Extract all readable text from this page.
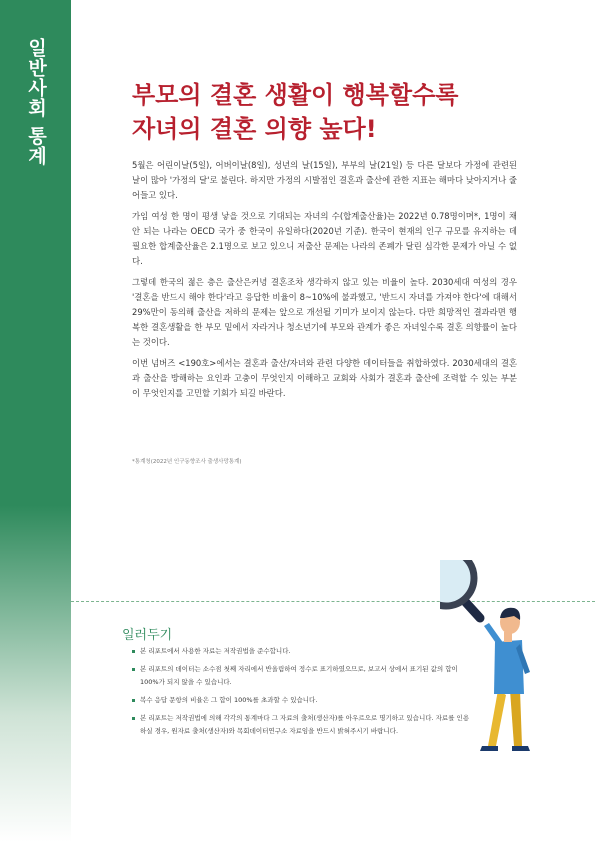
일반사회 통계	부모의 결혼 생활이 행복할수록
자녀의 결혼 의향 높다!

5월은 어린이날(5일), 어버이날(8일), 성년의 날(15일), 부부의 날(21일) 등 다른 달보다 가정에 관련된 날이 많아 '가정의 달'로 불린다. 하지만 가정의 시발점인 결혼과 출산에 관한 지표는 해마다 낮아지거나 줄어들고 있다.

가임 여성 한 명이 평생 낳을 것으로 기대되는 자녀의 수(합계출산율)는 2022년 0.78명이며*, 1명이 채 안 되는 나라는 OECD 국가 중 한국이 유일하다(2020년 기준). 한국이 현재의 인구 규모를 유지하는 데 필요한 합계출산율은 2.1명으로 보고 있으니 저출산 문제는 나라의 존폐가 달린 심각한 문제가 아닐 수 없다.

그렇데 한국의 젊은 층은 출산은커녕 결혼조차 생각하지 않고 있는 비율이 높다. 2030세대 여성의 경우 '결혼을 반드시 해야 한다'라고 응답한 비율이 8~10%에 불과했고, '반드시 자녀를 가져야 한다'에 대해서 29%만이 동의해 출산을 저하의 문제는 앞으로 개선될 기미가 보이지 않는다. 다만 희망적인 결과라면 행복한 결혼생활을 한 부모 밑에서 자라거나 청소년기에 부모와 관계가 좋은 자녀일수록 결혼 의향률이 높다는 것이다.

이번 넘버즈 <190호>에서는 결혼과 출산/자녀와 관련 다양한 데이터들을 취합하였다. 2030세대의 결혼과 출산을 방해하는 요인과 고충이 무엇인지 이해하고 교회와 사회가 결혼과 출산에 조력할 수 있는 부분이 무엇인지를 고민할 기회가 되길 바란다.

*통계청(2022년 인구동향조사 출생사망통계)
일러두기
본 리포트에서 사용한 자료는 저작권법을 준수합니다.
본 리포트의 데이터는 소수점 첫째 자리에서 반올림하여 정수로 표기하였으므로, 보고서 상에서 표기된 값의 합이 100%가 되지 않을 수 있습니다.
복수 응답 문항의 비율은 그 합이 100%를 초과할 수 있습니다.
본 리포트는 저작권법에 의해 각각의 통계마다 그 자료의 출처(생산자)를 아우르으로 명기하고 있습니다. 자료를 인용하실 경우, 원자료 출처(생산자)와 목회데이터연구소 자료임을 반드시 밝혀주시기 바랍니다.
